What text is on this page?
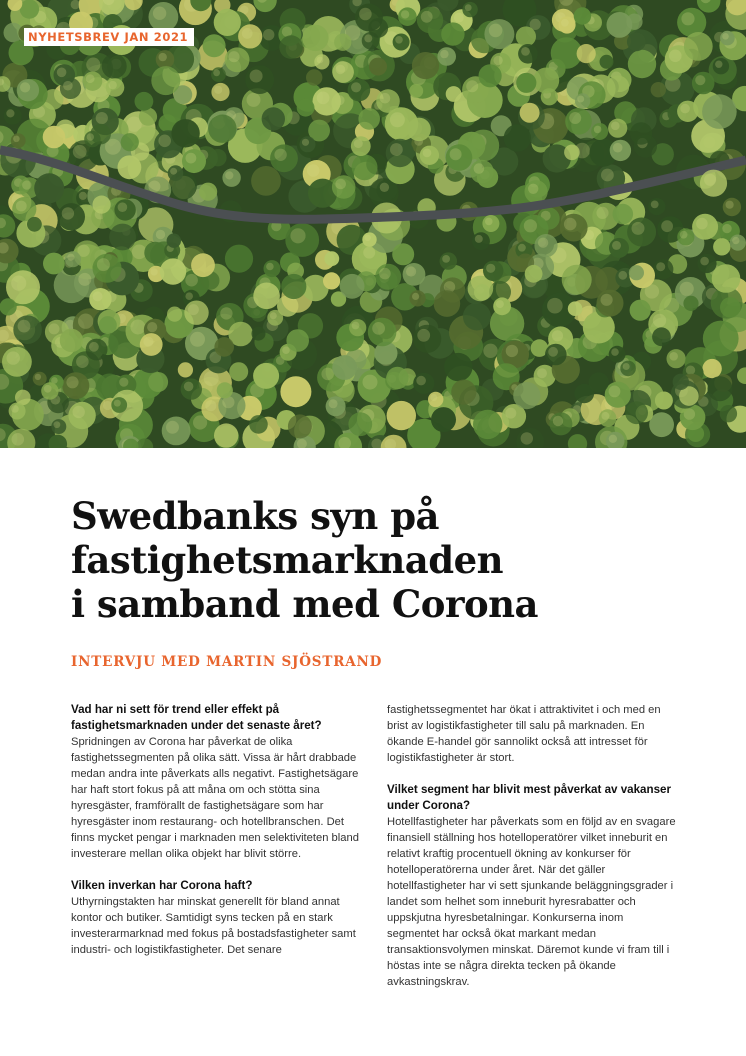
NYHETSBREV JAN 2021
Swedbanks syn på
fastighetsmarknaden
i samband med Corona

INTERVJU MED MARTIN SJÖSTRAND

Vad har ni sett för trend eller effekt på fastighetsmarknaden under det senaste året?

Spridningen av Corona har påverkat de olika fastighetssegmenten på olika sätt. Vissa är hårt drabbade medan andra inte påverkats alls negativt. Fastighetsägare har haft stort fokus på att måna om och stötta sina hyresgäster, framförallt de fastighetsägare som har hyresgäster inom restaurang- och hotellbranschen. Det finns mycket pengar i marknaden men selektiviteten bland investerare mellan olika objekt har blivit större.

Vilken inverkan har Corona haft?

Uthyrningstakten har minskat generellt för bland annat kontor och butiker. Samtidigt syns tecken på en stark investerarmarknad med fokus på bostadsfastigheter samt industri- och logistikfastigheter. Det senare

fastighetssegmentet har ökat i attraktivitet i och med en brist av logistikfastigheter till salu på marknaden. En ökande E-handel gör sannolikt också att intresset för logistikfastigheter är stort.

Vilket segment har blivit mest påverkat av vakanser under Corona?

Hotellfastigheter har påverkats som en följd av en svagare finansiell ställning hos hotelloperatörer vilket inneburit en relativt kraftig procentuell ökning av konkurser för hotelloperatörerna under året. När det gäller hotellfastigheter har vi sett sjunkande beläggningsgrader i landet som helhet som inneburit hyresrabatter och uppskjutna hyresbetalningar. Konkurserna inom segmentet har också ökat markant medan transaktionsvolymen minskat. Däremot kunde vi fram till i höstas inte se några direkta tecken på ökande avkastningskrav.
